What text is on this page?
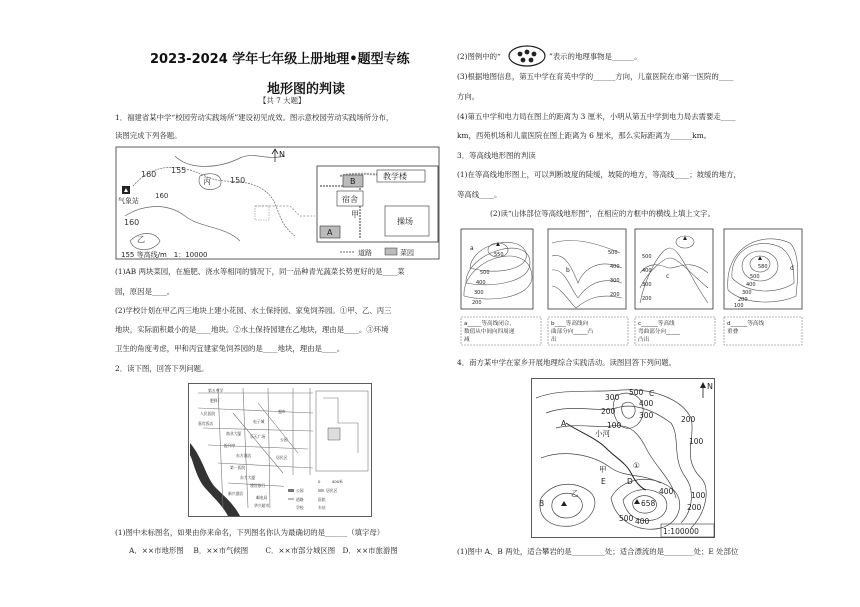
2023-2024 学年七年级上册地理•题型专练
地形图的判读
【共 7 大题】
1．福建省某中学“校园劳动实践场所”建设初见成效。图示意校园劳动实践场所分布，
读图完成下列各题。
160 155
150
160
160
丙
乙
气象站
N
155 等高线/m　1：10000
B
教学楼
宿舍
甲
A
操场
道路	菜园
(1)AB 两块菜园，在施肥、浇水等相同的情况下，同一品种青光蔬菜长势更好的是____菜
园，原因是____。
(2)学校计划在甲乙丙三地块上建小花园、水土保持园、家兔饲养园。①甲、乙、丙三
地块，实际面积最小的是____地块。②水土保持园建在乙地块，理由是____。③环境
卫生的角度考虑，甲和丙宜建家兔饲养园的是____地块，理由是____。
2．读下图，回答下列问题。
第五中学
肥料厂
人民医院
嘉宾饭店
商业大厦
电子城
乐天广场
报刊亭
东方酒店
第一医院
东力大厦
建设银行
新兴酒店
邮电局
华兴超市
超市
公园
居民区
0　　　400米
公园	居民区
道路	医院
学校	车站
(1)图中未标图名，如果由你来命名，下列图名你认为最确切的是______（填字母）
A．××市地形图　 B．××市气候图　　 C．××市部分城区图　D．××市旅游图
(2)图例中的“	”表示的地理事物是______。
(3)根据地图信息，第五中学在育英中学的______方向，儿童医院在市第一医院的____
方向。
(4)第五中学和电力局在图上的距离为 3 厘米，小明从第五中学到电力局去需要走____
km，西苑机场和儿童医院在图上距离为 6 厘米，那么实际距离为______km。
3．等高线地形图的判读
(1)在等高线地形图上，可以判断坡度的陡缓，坡陡的地方，等高线____；坡缓的地方，
等高线____。
(2)读“山体部位等高线地形图”，在相应的方框中的横线上填上文字。
550
500
400
300
200
a
a_____等高线闭合，
数值从中间向四周递
减
b
500
400
300
200
b____等高线向
曲部分向_____凸
出
c
500
400
300
200
c______等高线
弯曲部分向_____
凸出
580	d
500
400
300
200
100
d______等高线
重叠
4．南方某中学在家乡开展地理综合实践活动。读图回答下列问题。
N
300
200
100
500
400
300	200
100
100
200
400
500 400
A
B
C
D
E
甲
乙
小河
①
658
1:100000
(1)图中 A、B 两处，适合攀岩的是_________处；适合漂流的是________处；E 处部位
